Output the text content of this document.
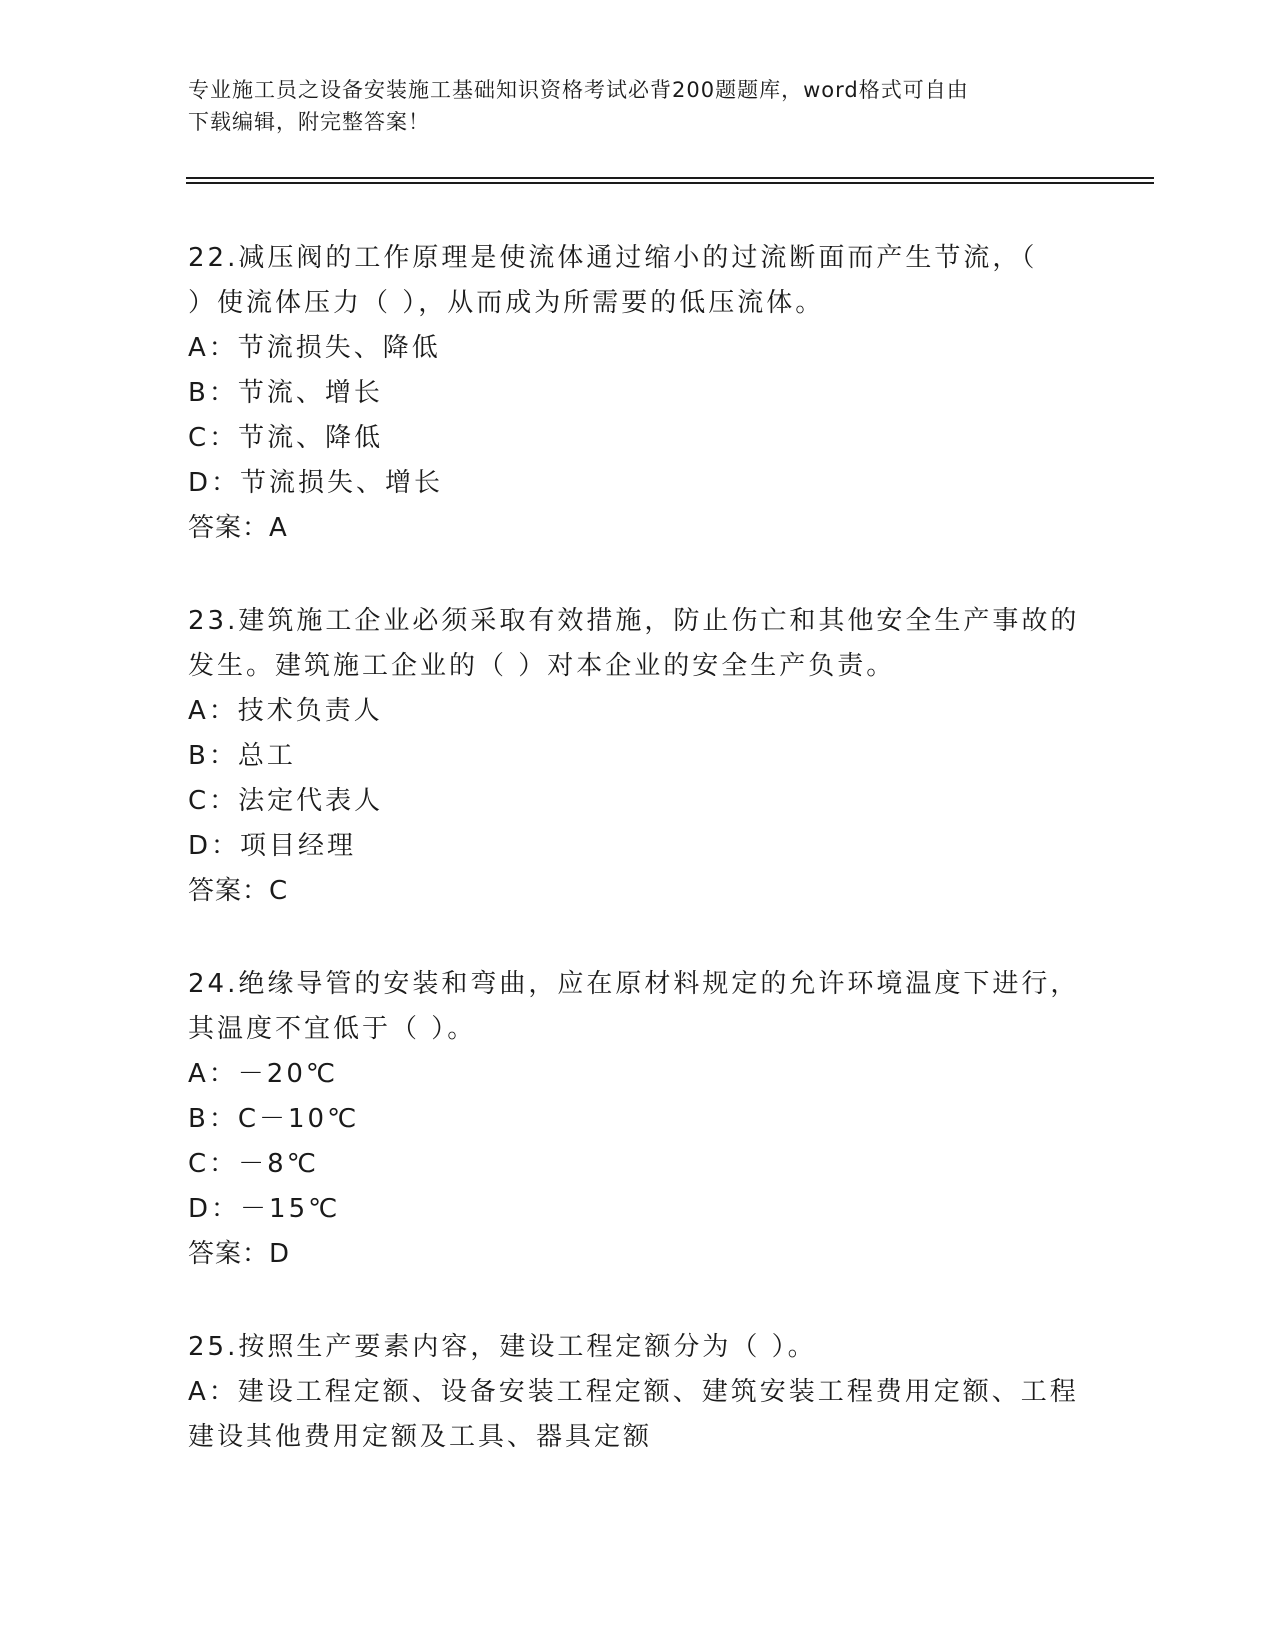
专业施工员之设备安装施工基础知识资格考试必背200题题库，word格式可自由
下载编辑，附完整答案！

22.减压阀的工作原理是使流体通过缩小的过流断面而产生节流，（

）使流体压力（ ），从而成为所需要的低压流体。

A：节流损失、降低

B：节流、增长

C：节流、降低

D：节流损失、增长

答案：A

23.建筑施工企业必须采取有效措施，防止伤亡和其他安全生产事故的

发生。建筑施工企业的（ ）对本企业的安全生产负责。

A：技术负责人

B：总工

C：法定代表人

D：项目经理

答案：C

24.绝缘导管的安装和弯曲，应在原材料规定的允许环境温度下进行，

其温度不宜低于（ ）。

A：－20℃

B：C－10℃

C：－8℃

D：－15℃

答案：D

25.按照生产要素内容，建设工程定额分为（ ）。

A：建设工程定额、设备安装工程定额、建筑安装工程费用定额、工程

建设其他费用定额及工具、器具定额
